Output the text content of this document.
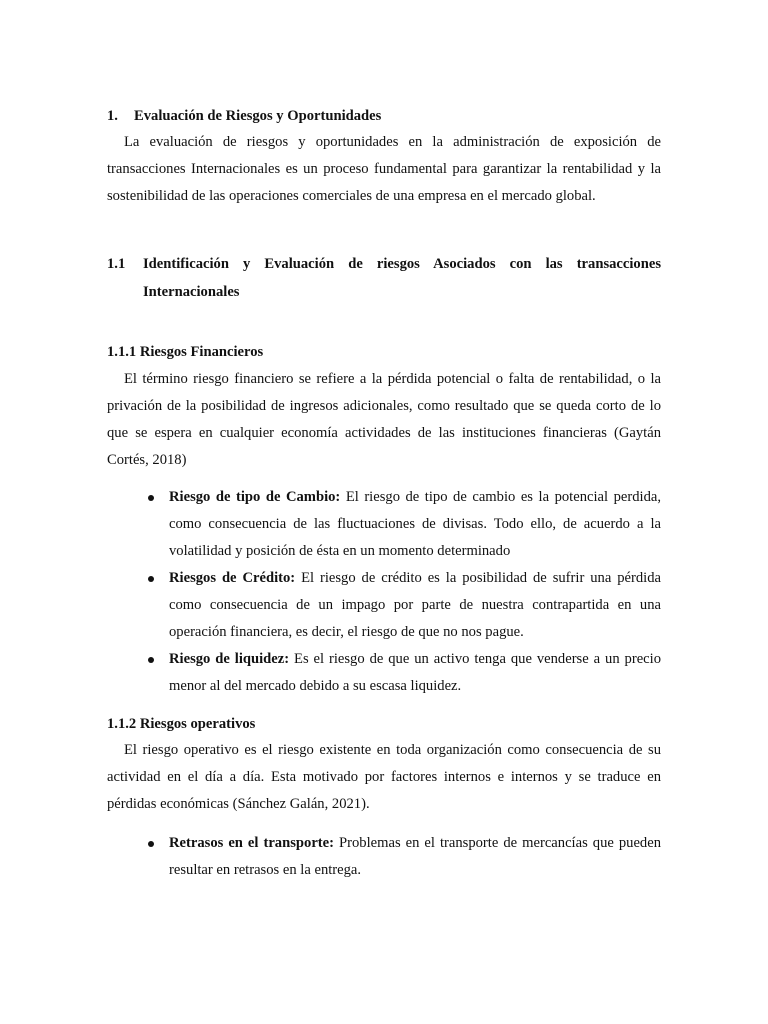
1. Evaluación de Riesgos y Oportunidades
La evaluación de riesgos y oportunidades en la administración de exposición de transacciones Internacionales es un proceso fundamental para garantizar la rentabilidad y la sostenibilidad de las operaciones comerciales de una empresa en el mercado global.
1.1	Identificación y Evaluación de riesgos Asociados con las transacciones Internacionales
1.1.1 Riesgos Financieros
El término riesgo financiero se refiere a la pérdida potencial o falta de rentabilidad, o la privación de la posibilidad de ingresos adicionales, como resultado que se queda corto de lo que se espera en cualquier economía actividades de las instituciones financieras (Gaytán Cortés, 2018)
Riesgo de tipo de Cambio: El riesgo de tipo de cambio es la potencial perdida, como consecuencia de las fluctuaciones de divisas. Todo ello, de acuerdo a la volatilidad y posición de ésta en un momento determinado
Riesgos de Crédito: El riesgo de crédito es la posibilidad de sufrir una pérdida como consecuencia de un impago por parte de nuestra contrapartida en una operación financiera, es decir, el riesgo de que no nos pague.
Riesgo de liquidez: Es el riesgo de que un activo tenga que venderse a un precio menor al del mercado debido a su escasa liquidez.
1.1.2 Riesgos operativos
El riesgo operativo es el riesgo existente en toda organización como consecuencia de su actividad en el día a día. Esta motivado por factores internos e internos y se traduce en pérdidas económicas (Sánchez Galán, 2021).
Retrasos en el transporte: Problemas en el transporte de mercancías que pueden resultar en retrasos en la entrega.
